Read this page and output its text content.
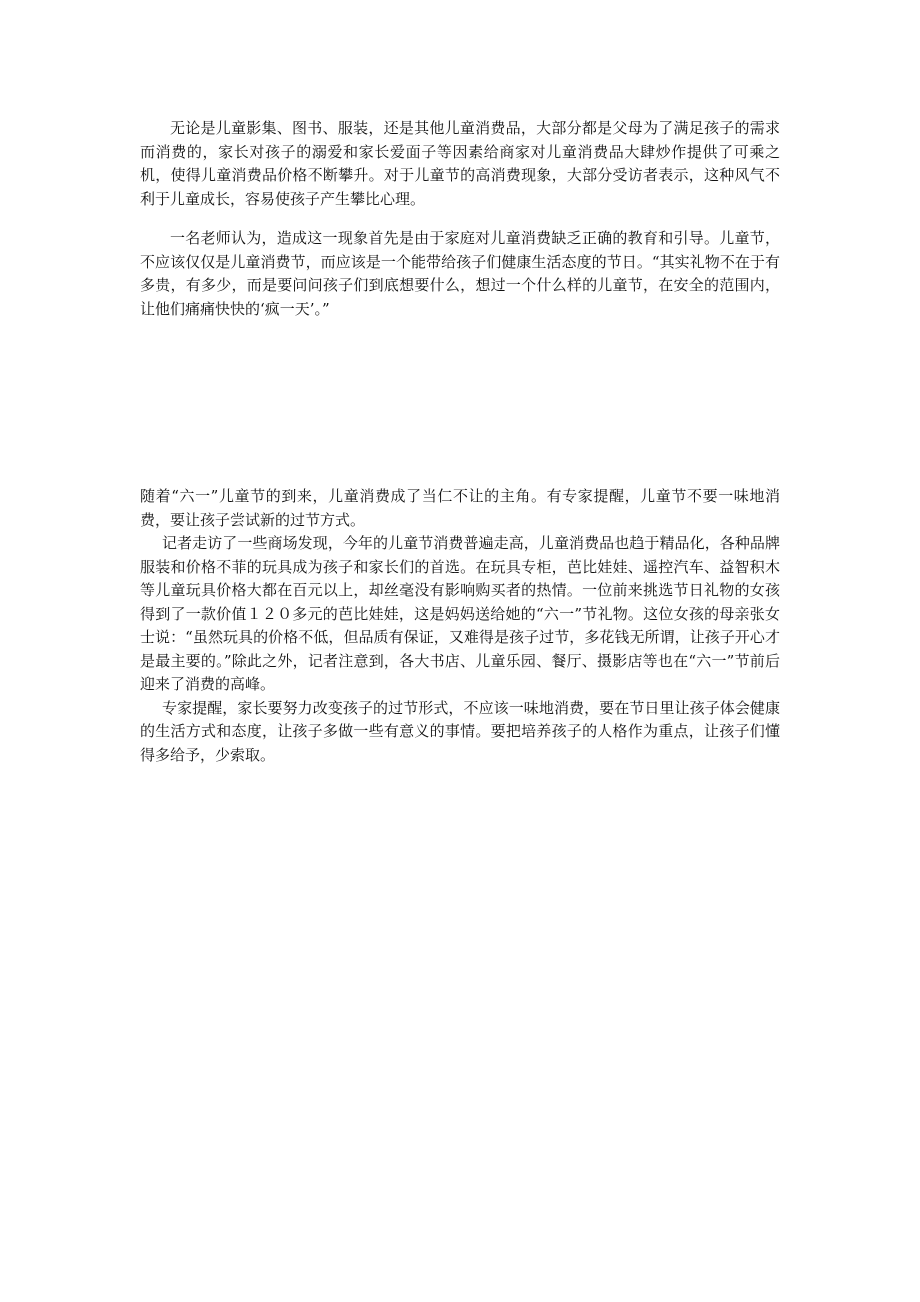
无论是儿童影集、图书、服装，还是其他儿童消费品，大部分都是父母为了满足孩子的需求而消费的，家长对孩子的溺爱和家长爱面子等因素给商家对儿童消费品大肆炒作提供了可乘之机，使得儿童消费品价格不断攀升。对于儿童节的高消费现象，大部分受访者表示，这种风气不利于儿童成长，容易使孩子产生攀比心理。

一名老师认为，造成这一现象首先是由于家庭对儿童消费缺乏正确的教育和引导。儿童节，不应该仅仅是儿童消费节，而应该是一个能带给孩子们健康生活态度的节日。“其实礼物不在于有多贵，有多少，而是要问问孩子们到底想要什么，想过一个什么样的儿童节，在安全的范围内，让他们痛痛快快的‘疯一天’。”

随着“六一”儿童节的到来，儿童消费成了当仁不让的主角。有专家提醒，儿童节不要一味地消费，要让孩子尝试新的过节方式。

记者走访了一些商场发现，今年的儿童节消费普遍走高，儿童消费品也趋于精品化，各种品牌服装和价格不菲的玩具成为孩子和家长们的首选。在玩具专柜，芭比娃娃、遥控汽车、益智积木等儿童玩具价格大都在百元以上，却丝毫没有影响购买者的热情。一位前来挑选节日礼物的女孩得到了一款价值１２０多元的芭比娃娃，这是妈妈送给她的“六一”节礼物。这位女孩的母亲张女士说：“虽然玩具的价格不低，但品质有保证，又难得是孩子过节，多花钱无所谓，让孩子开心才是最主要的。”除此之外，记者注意到，各大书店、儿童乐园、餐厅、摄影店等也在“六一”节前后迎来了消费的高峰。

专家提醒，家长要努力改变孩子的过节形式，不应该一味地消费，要在节日里让孩子体会健康的生活方式和态度，让孩子多做一些有意义的事情。要把培养孩子的人格作为重点，让孩子们懂得多给予，少索取。
